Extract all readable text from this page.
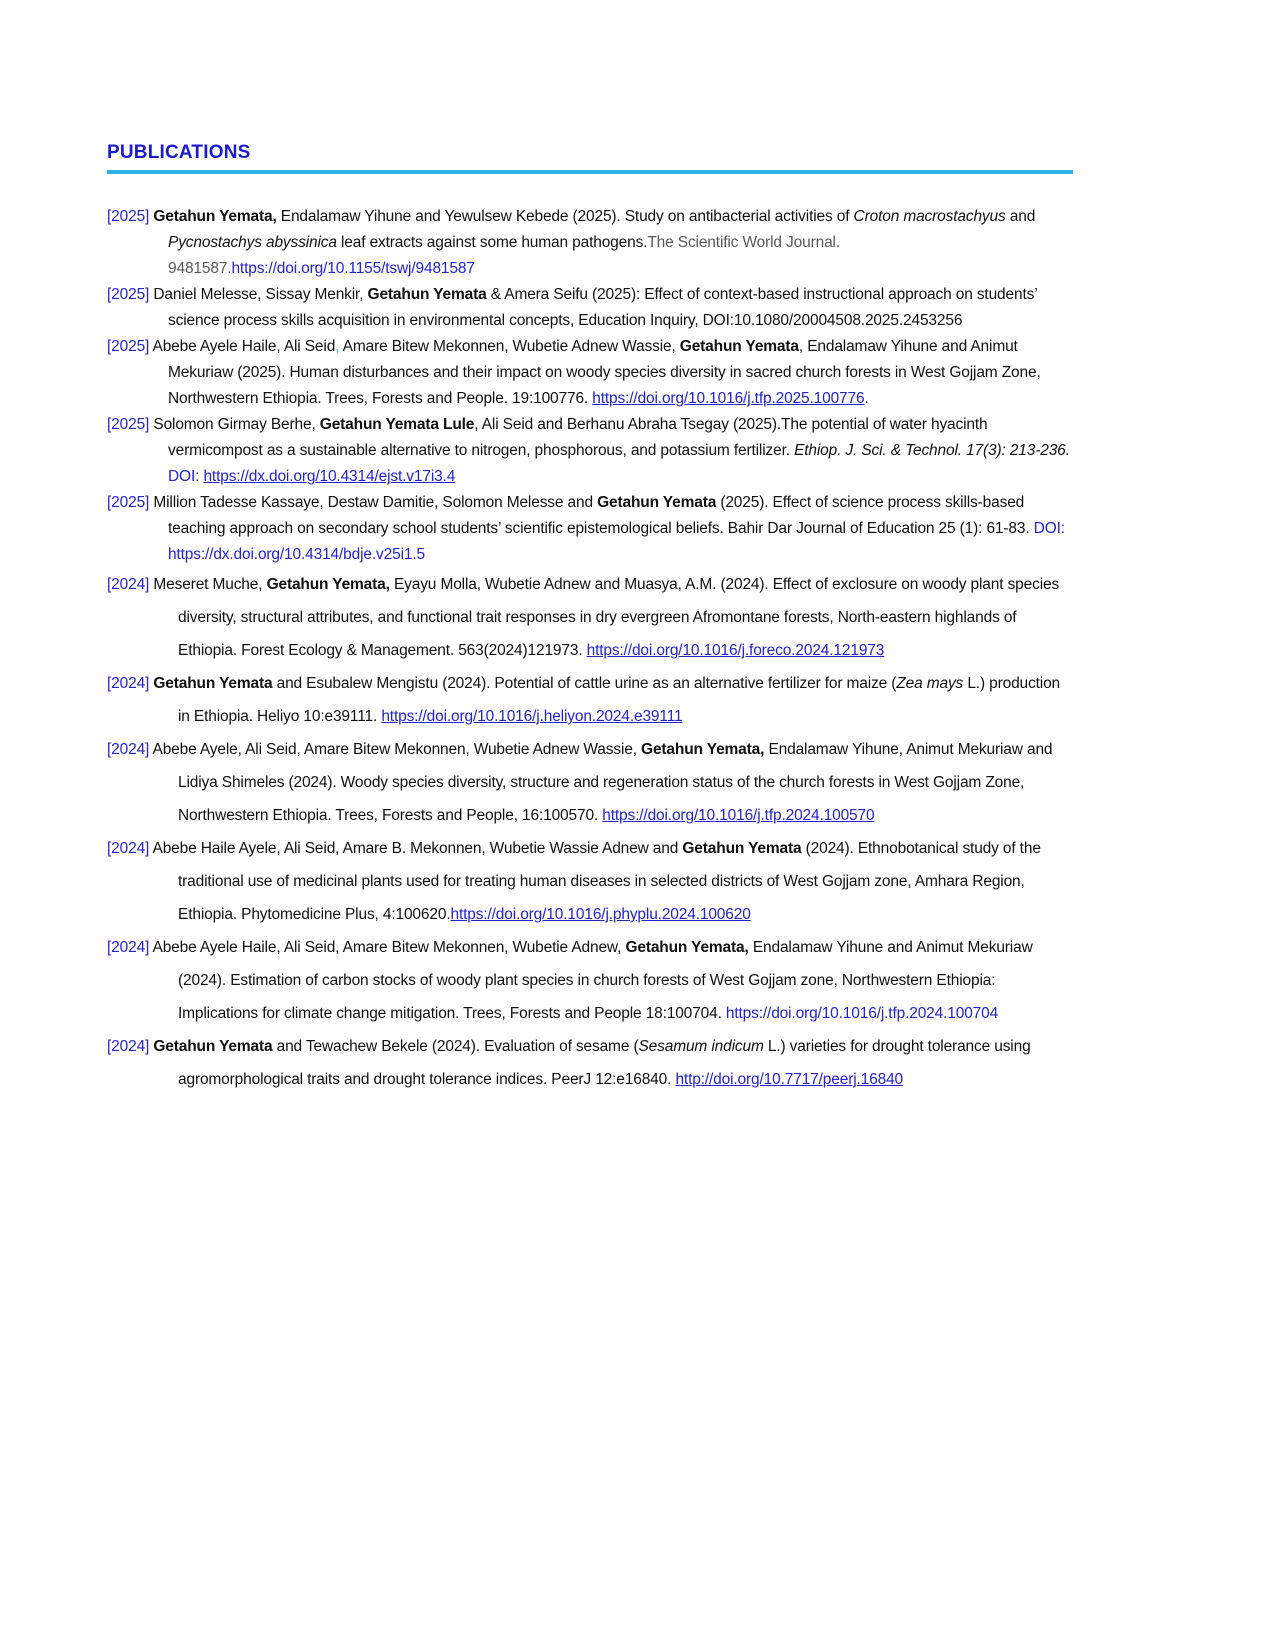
PUBLICATIONS
[2025] Getahun Yemata, Endalamaw Yihune and Yewulsew Kebede (2025). Study on antibacterial activities of Croton macrostachyus and Pycnostachys abyssinica leaf extracts against some human pathogens.The Scientific World Journal. 9481587.https://doi.org/10.1155/tswj/9481587
[2025] Daniel Melesse, Sissay Menkir, Getahun Yemata & Amera Seifu (2025): Effect of context-based instructional approach on students’ science process skills acquisition in environmental concepts, Education Inquiry, DOI:10.1080/20004508.2025.2453256
[2025] Abebe Ayele Haile, Ali Seid, Amare Bitew Mekonnen, Wubetie Adnew Wassie, Getahun Yemata, Endalamaw Yihune and Animut Mekuriaw (2025). Human disturbances and their impact on woody species diversity in sacred church forests in West Gojjam Zone, Northwestern Ethiopia. Trees, Forests and People. 19:100776. https://doi.org/10.1016/j.tfp.2025.100776.
[2025] Solomon Girmay Berhe, Getahun Yemata Lule, Ali Seid and Berhanu Abraha Tsegay (2025).The potential of water hyacinth vermicompost as a sustainable alternative to nitrogen, phosphorous, and potassium fertilizer. Ethiop. J. Sci. & Technol. 17(3): 213-236. DOI: https://dx.doi.org/10.4314/ejst.v17i3.4
[2025] Million Tadesse Kassaye, Destaw Damitie, Solomon Melesse and Getahun Yemata (2025). Effect of science process skills-based teaching approach on secondary school students’ scientific epistemological beliefs. Bahir Dar Journal of Education 25 (1): 61-83. DOI: https://dx.doi.org/10.4314/bdje.v25i1.5
[2024] Meseret Muche, Getahun Yemata, Eyayu Molla, Wubetie Adnew and Muasya, A.M. (2024). Effect of exclosure on woody plant species diversity, structural attributes, and functional trait responses in dry evergreen Afromontane forests, North-eastern highlands of Ethiopia. Forest Ecology & Management. 563(2024)121973. https://doi.org/10.1016/j.foreco.2024.121973
[2024] Getahun Yemata and Esubalew Mengistu (2024). Potential of cattle urine as an alternative fertilizer for maize (Zea mays L.) production in Ethiopia. Heliyo 10:e39111. https://doi.org/10.1016/j.heliyon.2024.e39111
[2024] Abebe Ayele, Ali Seid, Amare Bitew Mekonnen, Wubetie Adnew Wassie, Getahun Yemata, Endalamaw Yihune, Animut Mekuriaw and Lidiya Shimeles (2024). Woody species diversity, structure and regeneration status of the church forests in West Gojjam Zone, Northwestern Ethiopia. Trees, Forests and People, 16:100570. https://doi.org/10.1016/j.tfp.2024.100570
[2024] Abebe Haile Ayele, Ali Seid, Amare B. Mekonnen, Wubetie Wassie Adnew and Getahun Yemata (2024). Ethnobotanical study of the traditional use of medicinal plants used for treating human diseases in selected districts of West Gojjam zone, Amhara Region, Ethiopia. Phytomedicine Plus, 4:100620.https://doi.org/10.1016/j.phyplu.2024.100620
[2024] Abebe Ayele Haile, Ali Seid, Amare Bitew Mekonnen, Wubetie Adnew, Getahun Yemata, Endalamaw Yihune and Animut Mekuriaw (2024). Estimation of carbon stocks of woody plant species in church forests of West Gojjam zone, Northwestern Ethiopia: Implications for climate change mitigation. Trees, Forests and People 18:100704. https://doi.org/10.1016/j.tfp.2024.100704
[2024] Getahun Yemata and Tewachew Bekele (2024). Evaluation of sesame (Sesamum indicum L.) varieties for drought tolerance using agromorphological traits and drought tolerance indices. PeerJ 12:e16840. http://doi.org/10.7717/peerj.16840
